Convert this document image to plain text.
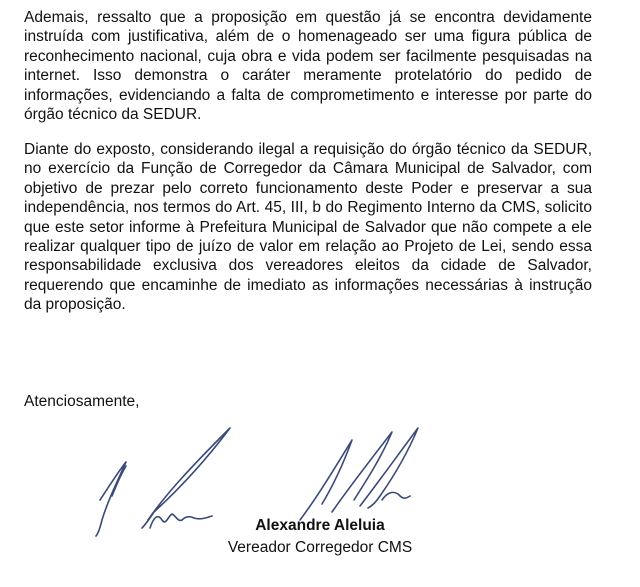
Ademais, ressalto que a proposição em questão já se encontra devidamente instruída com justificativa, além de o homenageado ser uma figura pública de reconhecimento nacional, cuja obra e vida podem ser facilmente pesquisadas na internet. Isso demonstra o caráter meramente protelatório do pedido de informações, evidenciando a falta de comprometimento e interesse por parte do órgão técnico da SEDUR.

Diante do exposto, considerando ilegal a requisição do órgão técnico da SEDUR, no exercício da Função de Corregedor da Câmara Municipal de Salvador, com objetivo de prezar pelo correto funcionamento deste Poder e preservar a sua independência, nos termos do Art. 45, III, b do Regimento Interno da CMS, solicito que este setor informe à Prefeitura Municipal de Salvador que não compete a ele realizar qualquer tipo de juízo de valor em relação ao Projeto de Lei, sendo essa responsabilidade exclusiva dos vereadores eleitos da cidade de Salvador, requerendo que encaminhe de imediato as informações necessárias à instrução da proposição.

Atenciosamente,

Alexandre Aleluia

Vereador Corregedor CMS
